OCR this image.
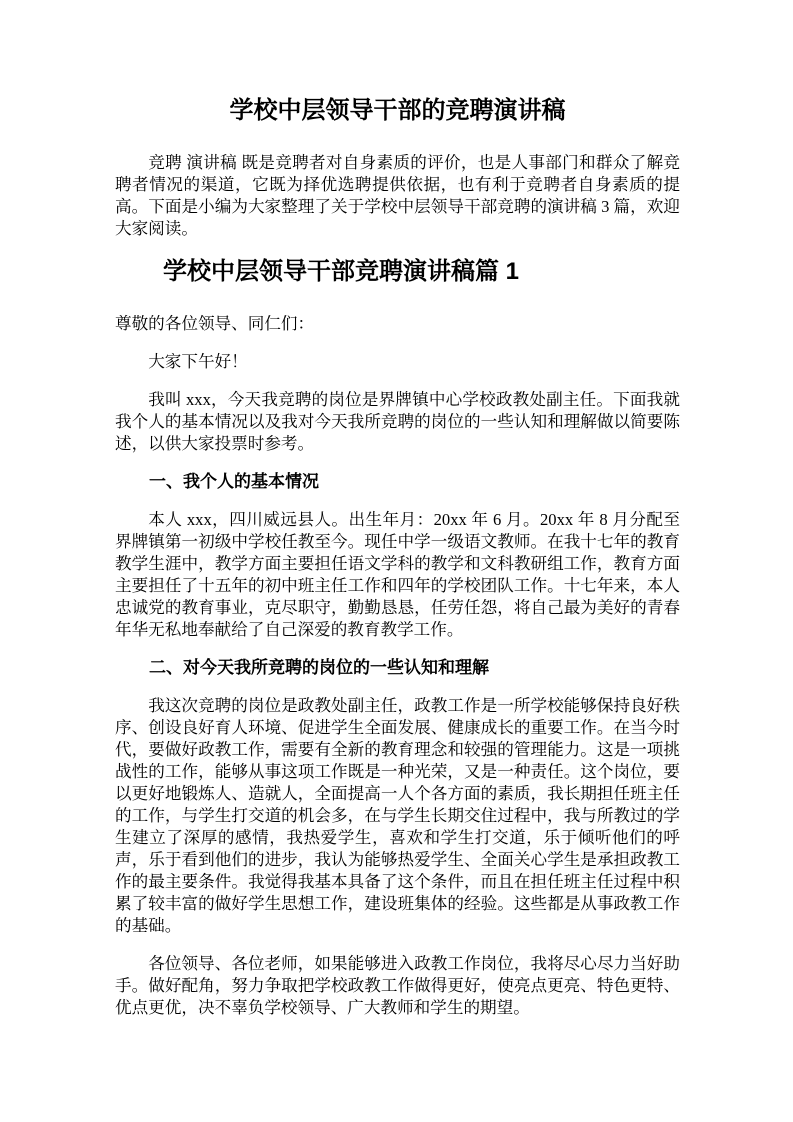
学校中层领导干部的竞聘演讲稿

竞聘 演讲稿 既是竞聘者对自身素质的评价，也是人事部门和群众了解竞聘者情况的渠道，它既为择优选聘提供依据，也有利于竞聘者自身素质的提高。下面是小编为大家整理了关于学校中层领导干部竞聘的演讲稿 3 篇，欢迎大家阅读。

学校中层领导干部竞聘演讲稿篇 1

尊敬的各位领导、同仁们：

大家下午好！

我叫 xxx，今天我竞聘的岗位是界牌镇中心学校政教处副主任。下面我就我个人的基本情况以及我对今天我所竞聘的岗位的一些认知和理解做以简要陈述，以供大家投票时参考。

一、我个人的基本情况

本人 xxx，四川威远县人。出生年月：20xx 年 6 月。20xx 年 8 月分配至界牌镇第一初级中学校任教至今。现任中学一级语文教师。在我十七年的教育教学生涯中，教学方面主要担任语文学科的教学和文科教研组工作，教育方面主要担任了十五年的初中班主任工作和四年的学校团队工作。十七年来，本人忠诚党的教育事业，克尽职守，勤勤恳恳，任劳任怨，将自己最为美好的青春年华无私地奉献给了自己深爱的教育教学工作。

二、对今天我所竞聘的岗位的一些认知和理解

我这次竞聘的岗位是政教处副主任，政教工作是一所学校能够保持良好秩序、创设良好育人环境、促进学生全面发展、健康成长的重要工作。在当今时代，要做好政教工作，需要有全新的教育理念和较强的管理能力。这是一项挑战性的工作，能够从事这项工作既是一种光荣，又是一种责任。这个岗位，要以更好地锻炼人、造就人，全面提高一人个各方面的素质，我长期担任班主任的工作，与学生打交道的机会多，在与学生长期交住过程中，我与所教过的学生建立了深厚的感情，我热爱学生，喜欢和学生打交道，乐于倾听他们的呼声，乐于看到他们的进步，我认为能够热爱学生、全面关心学生是承担政教工作的最主要条件。我觉得我基本具备了这个条件，而且在担任班主任过程中积累了较丰富的做好学生思想工作，建设班集体的经验。这些都是从事政教工作的基础。

各位领导、各位老师，如果能够进入政教工作岗位，我将尽心尽力当好助手。做好配角，努力争取把学校政教工作做得更好，使亮点更亮、特色更特、优点更优，决不辜负学校领导、广大教师和学生的期望。
